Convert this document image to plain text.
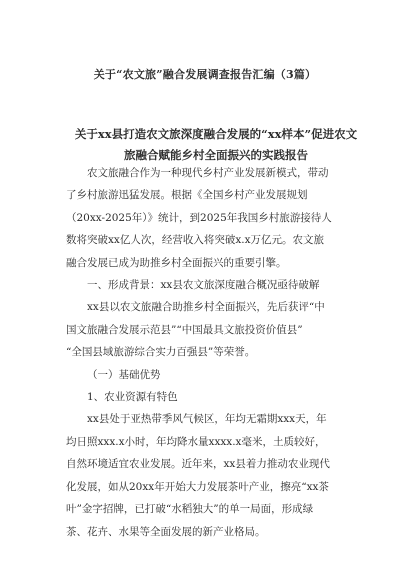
关于“农文旅”融合发展调查报告汇编（3篇）
关于xx县打造农文旅深度融合发展的“xx样本”促进农文
旅融合赋能乡村全面振兴的实践报告
农文旅融合作为一种现代乡村产业发展新模式，带动
了乡村旅游迅猛发展。根据《全国乡村产业发展规划
（20xx-2025年）》统计，到2025年我国乡村旅游接待人
数将突破xx亿人次，经营收入将突破x.x万亿元。农文旅
融合发展已成为助推乡村全面振兴的重要引擎。
一、形成背景：xx县农文旅深度融合概况亟待破解
xx县以农文旅融合助推乡村全面振兴，先后获评“中
国文旅融合发展示范县”“中国最具文旅投资价值县”
“全国县域旅游综合实力百强县”等荣誉。
（一）基础优势
1、农业资源有特色
xx县处于亚热带季风气候区，年均无霜期xxx天，年
均日照xxx.x小时，年均降水量xxxx.x毫米，土质较好，
自然环境适宜农业发展。近年来，xx县着力推动农业现代
化发展，如从20xx年开始大力发展茶叶产业，擦亮“xx茶
叶”金字招牌，已打破“水稻独大”的单一局面，形成绿
茶、花卉、水果等全面发展的新产业格局。
